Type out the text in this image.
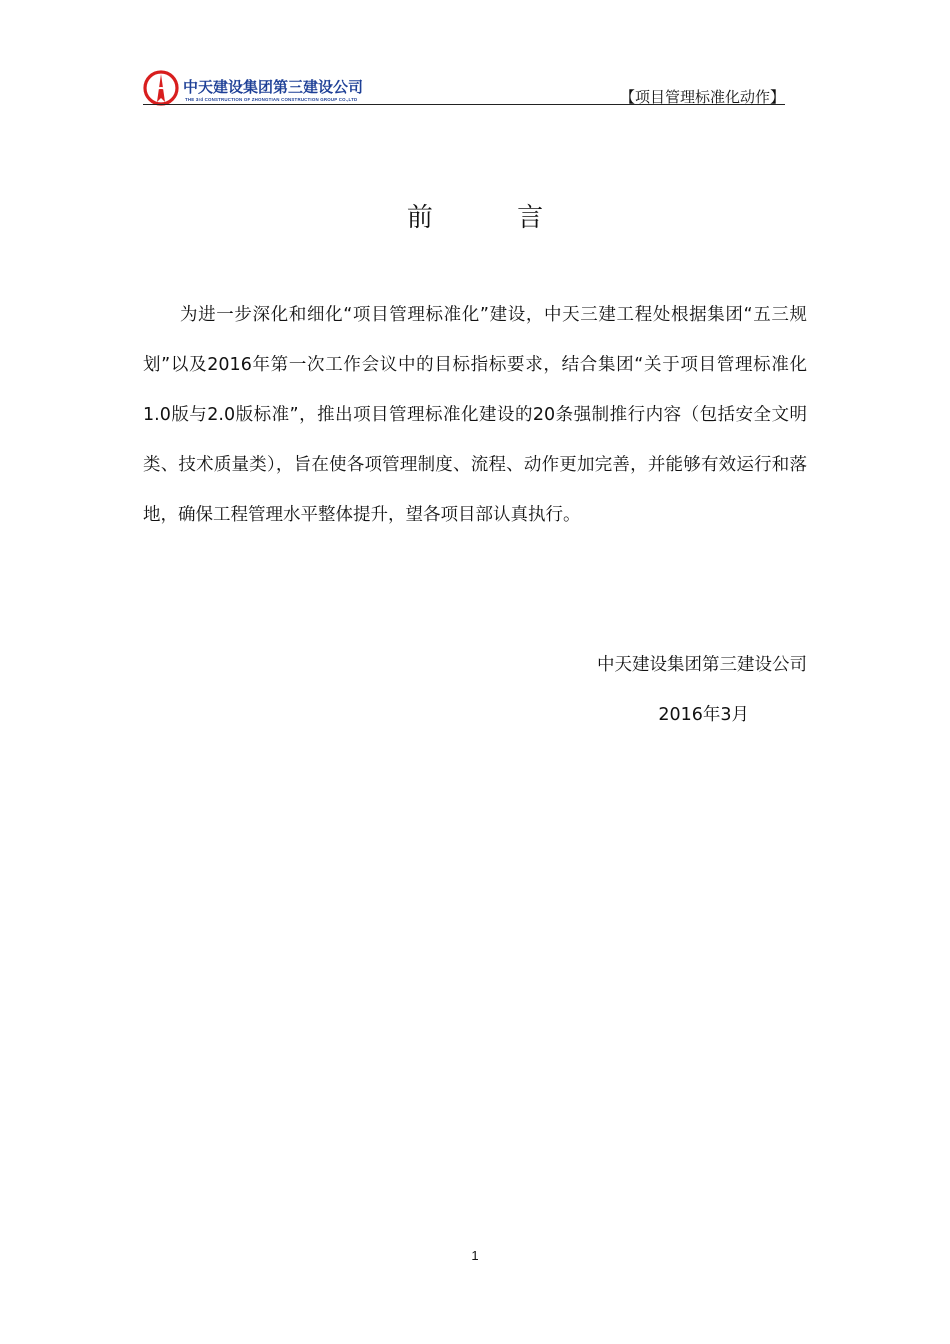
中天建设集团第三建设公司
THE 3rd CONSTRUCTION OF ZHONGTIAN CONSTRUCTION GROUP CO.,LTD	【项目管理标准化动作】
前 言

为进一步深化和细化“项目管理标准化”建设，中天三建工程处根据集团“五三规划”以及2016年第一次工作会议中的目标指标要求，结合集团“关于项目管理标准化1.0版与2.0版标准”，推出项目管理标准化建设的20条强制推行内容（包括安全文明类、技术质量类），旨在使各项管理制度、流程、动作更加完善，并能够有效运行和落地，确保工程管理水平整体提升，望各项目部认真执行。

中天建设集团第三建设公司
2016年3月
1
